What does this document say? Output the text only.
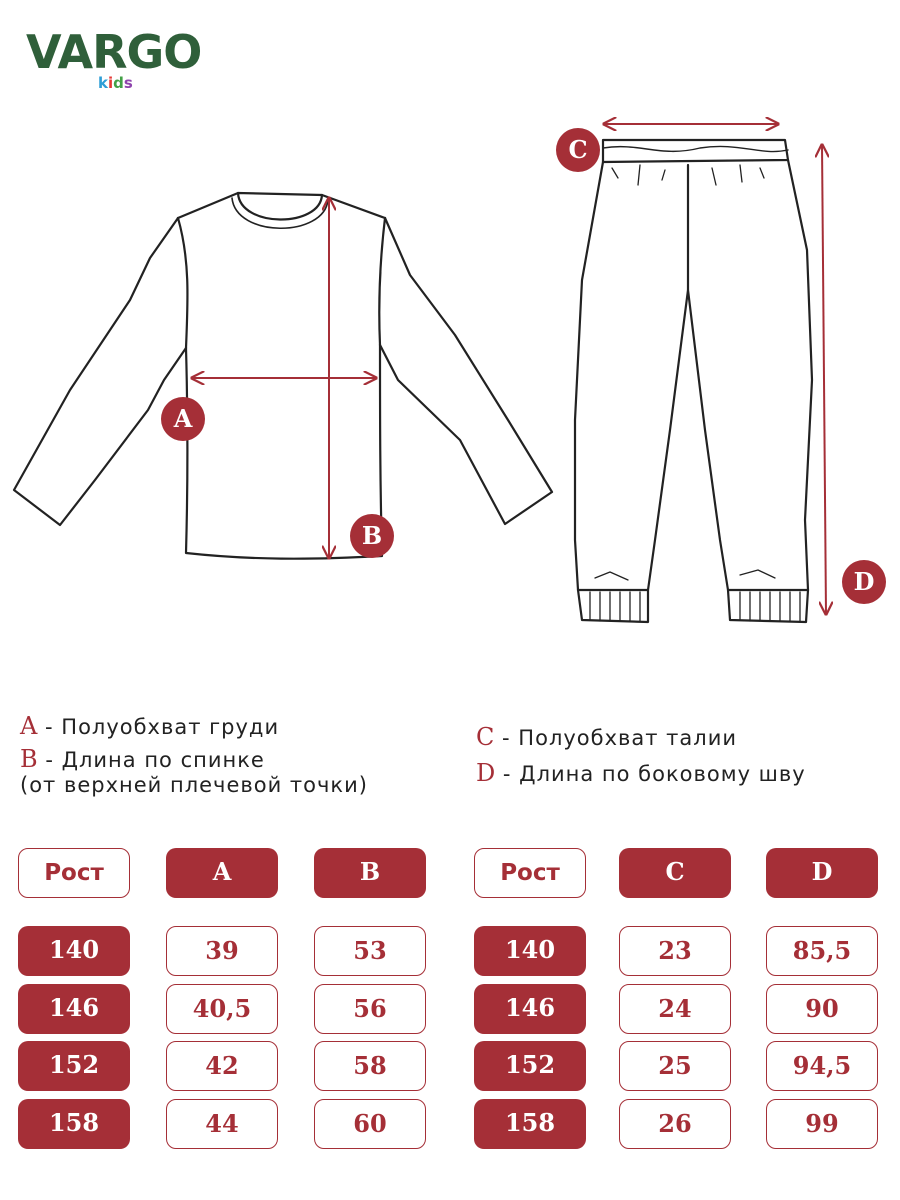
VARGO
kids
A
B
C
D
A - Полуобхват груди
B - Длина по спинке
(от верхней плечевой точки)
C - Полуобхват талии
D - Длина по боковому шву
Рост	A	B
140	39	53
146	40,5	56
152	42	58
158	44	60
Рост	C	D
140	23	85,5
146	24	90
152	25	94,5
158	26	99
